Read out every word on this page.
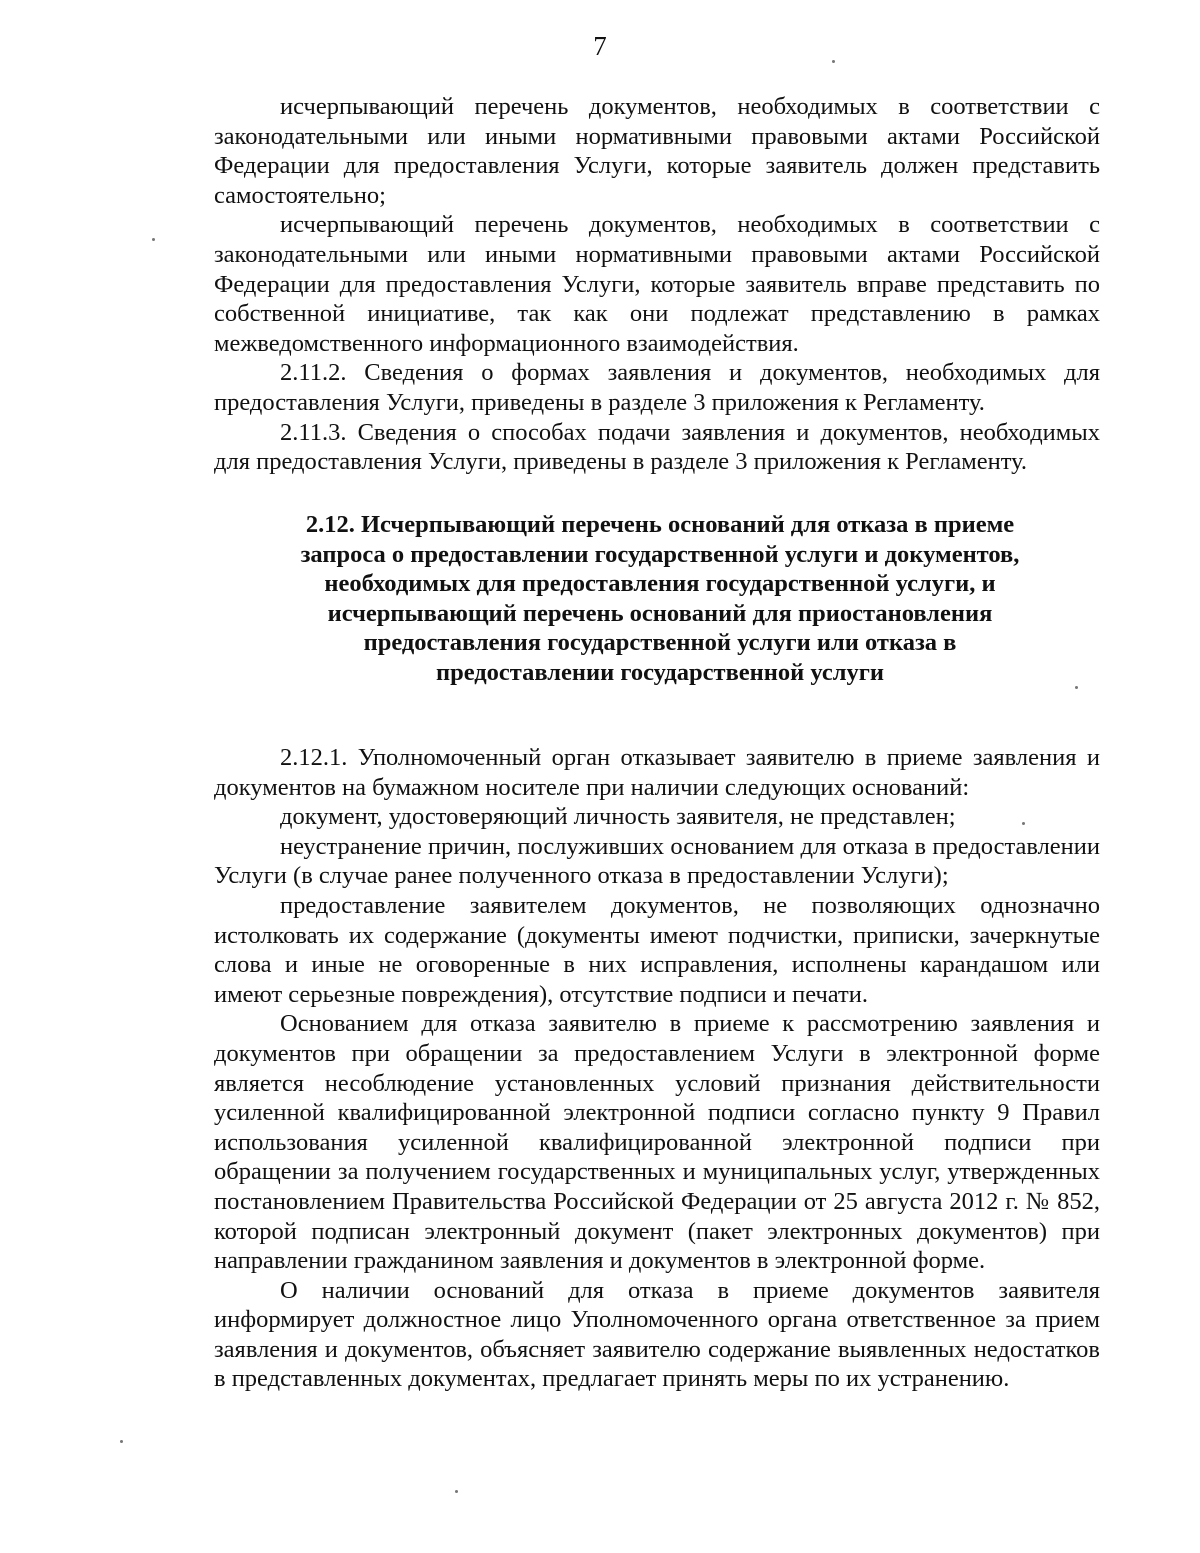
7

исчерпывающий перечень документов, необходимых в соответствии с законодательными или иными нормативными правовыми актами Российской Федерации для предоставления Услуги, которые заявитель должен представить самостоятельно;

исчерпывающий перечень документов, необходимых в соответствии с законодательными или иными нормативными правовыми актами Российской Федерации для предоставления Услуги, которые заявитель вправе представить по собственной инициативе, так как они подлежат представлению в рамках межведомственного информационного взаимодействия.

2.11.2. Сведения о формах заявления и документов, необходимых для предоставления Услуги, приведены в разделе 3 приложения к Регламенту.

2.11.3. Сведения о способах подачи заявления и документов, необходимых для предоставления Услуги, приведены в разделе 3 приложения к Регламенту.

2.12. Исчерпывающий перечень оснований для отказа в приеме запроса о предоставлении государственной услуги и документов, необходимых для предоставления государственной услуги, и исчерпывающий перечень оснований для приостановления предоставления государственной услуги или отказа в предоставлении государственной услуги

2.12.1. Уполномоченный орган отказывает заявителю в приеме заявления и документов на бумажном носителе при наличии следующих оснований:

документ, удостоверяющий личность заявителя, не представлен;

неустранение причин, послуживших основанием для отказа в предоставлении Услуги (в случае ранее полученного отказа в предоставлении Услуги);

предоставление заявителем документов, не позволяющих однозначно истолковать их содержание (документы имеют подчистки, приписки, зачеркнутые слова и иные не оговоренные в них исправления, исполнены карандашом или имеют серьезные повреждения), отсутствие подписи и печати.

Основанием для отказа заявителю в приеме к рассмотрению заявления и документов при обращении за предоставлением Услуги в электронной форме является несоблюдение установленных условий признания действительности усиленной квалифицированной электронной подписи согласно пункту 9 Правил использования усиленной квалифицированной электронной подписи при обращении за получением государственных и муниципальных услуг, утвержденных постановлением Правительства Российской Федерации от 25 августа 2012 г. № 852, которой подписан электронный документ (пакет электронных документов) при направлении гражданином заявления и документов в электронной форме.

О наличии оснований для отказа в приеме документов заявителя информирует должностное лицо Уполномоченного органа ответственное за прием заявления и документов, объясняет заявителю содержание выявленных недостатков в представленных документах, предлагает принять меры по их устранению.
